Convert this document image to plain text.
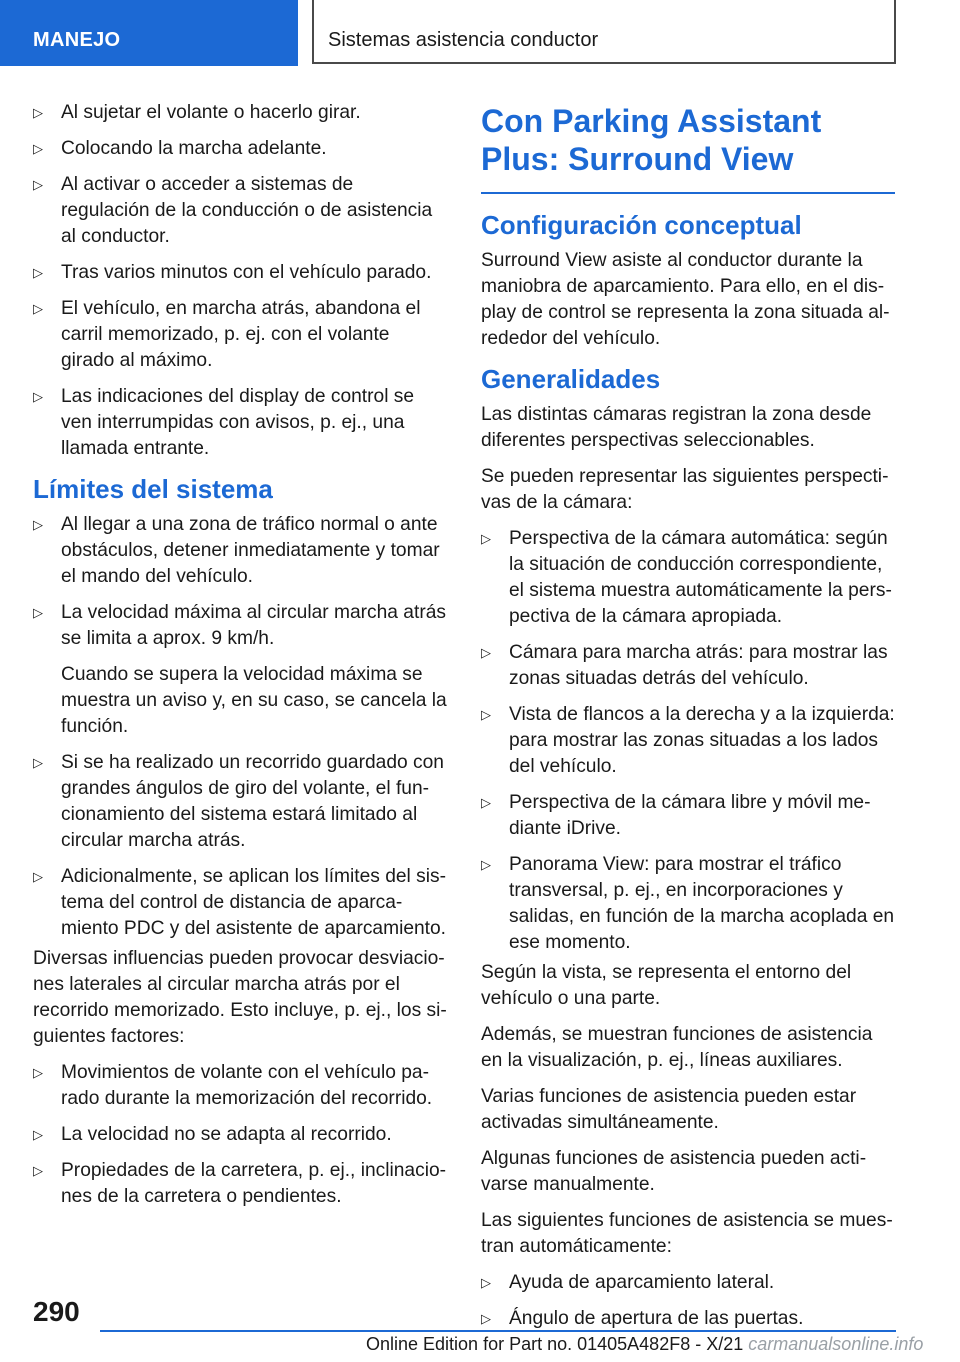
MANEJO	Sistemas asistencia conductor
▷ Al sujetar el volante o hacerlo girar.
▷ Colocando la marcha adelante.
▷ Al activar o acceder a sistemas de regulación de la conducción o de asistencia al conductor.
▷ Tras varios minutos con el vehículo parado.
▷ El vehículo, en marcha atrás, abandona el carril memorizado, p. ej. con el volante girado al máximo.
▷ Las indicaciones del display de control se ven interrumpidas con avisos, p. ej., una llamada entrante.
Límites del sistema
▷ Al llegar a una zona de tráfico normal o ante obstáculos, detener inmediatamente y tomar el mando del vehículo.
▷ La velocidad máxima al circular marcha atrás se limita a aprox. 9 km/h.

Cuando se supera la velocidad máxima se muestra un aviso y, en su caso, se cancela la función.

▷ Si se ha realizado un recorrido guardado con grandes ángulos de giro del volante, el funcionamiento del sistema estará limitado al circular marcha atrás.
▷ Adicionalmente, se aplican los límites del sistema del control de distancia de aparcamiento PDC y del asistente de aparcamiento.

Diversas influencias pueden provocar desviaciones laterales al circular marcha atrás por el recorrido memorizado. Esto incluye, p. ej., los siguientes factores:

▷ Movimientos de volante con el vehículo parado durante la memorización del recorrido.
▷ La velocidad no se adapta al recorrido.
▷ Propiedades de la carretera, p. ej., inclinaciones de la carretera o pendientes.
Con Parking Assistant Plus: Surround View
Configuración conceptual

Surround View asiste al conductor durante la maniobra de aparcamiento. Para ello, en el display de control se representa la zona situada alrededor del vehículo.

Generalidades

Las distintas cámaras registran la zona desde diferentes perspectivas seleccionables.

Se pueden representar las siguientes perspectivas de la cámara:

▷ Perspectiva de la cámara automática: según la situación de conducción correspondiente, el sistema muestra automáticamente la perspectiva de la cámara apropiada.
▷ Cámara para marcha atrás: para mostrar las zonas situadas detrás del vehículo.
▷ Vista de flancos a la derecha y a la izquierda: para mostrar las zonas situadas a los lados del vehículo.
▷ Perspectiva de la cámara libre y móvil mediante iDrive.
▷ Panorama View: para mostrar el tráfico transversal, p. ej., en incorporaciones y salidas, en función de la marcha acoplada en ese momento.

Según la vista, se representa el entorno del vehículo o una parte.

Además, se muestran funciones de asistencia en la visualización, p. ej., líneas auxiliares.

Varias funciones de asistencia pueden estar activadas simultáneamente.

Algunas funciones de asistencia pueden activarse manualmente.

Las siguientes funciones de asistencia se muestran automáticamente:

▷ Ayuda de aparcamiento lateral.
▷ Ángulo de apertura de las puertas.
290
Online Edition for Part no. 01405A482F8 - X/21 carmanualsonline.info
